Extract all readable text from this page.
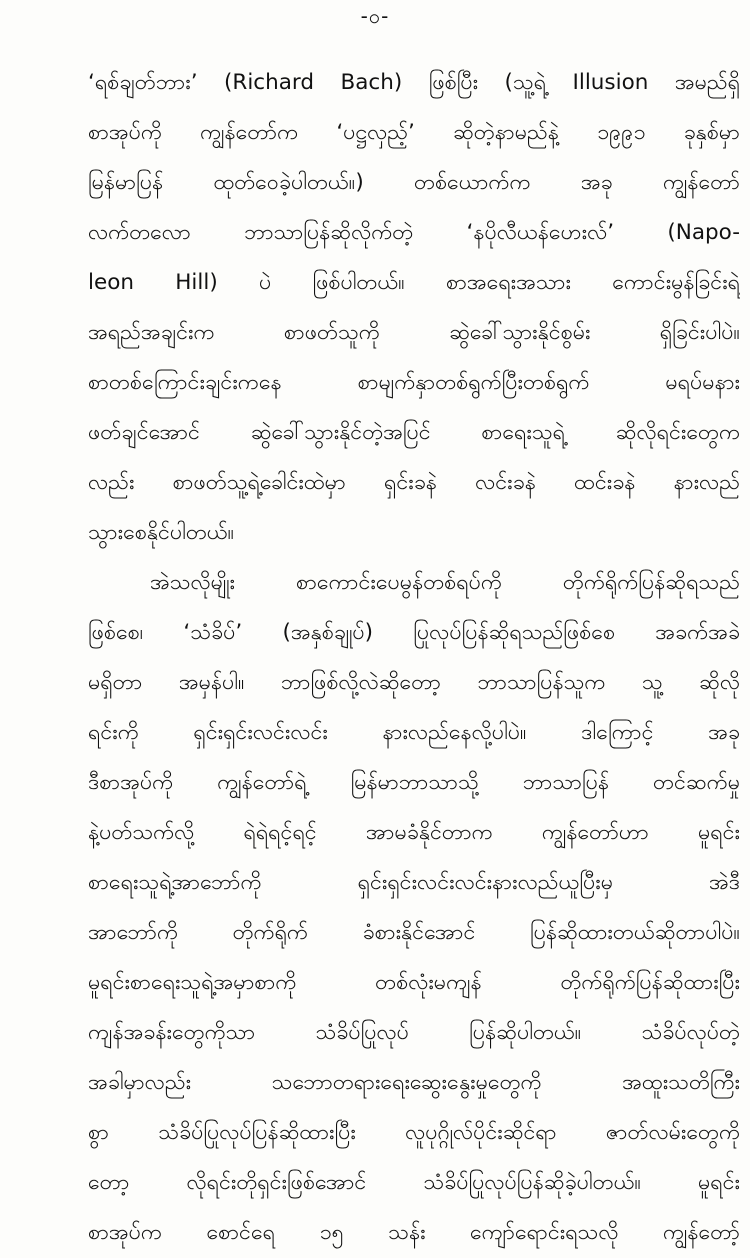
-၀-
‘ရစ်ချတ်ဘား’ (Richard Bach) ဖြစ်ပြီး (သူ့ရဲ့ Illusion အမည်ရှိ
စာအုပ်ကို ကျွန်တော်က ‘ပဋ္ဌလှည့်’ ဆိုတဲ့နာမည်နဲ့ ၁၉၉၁ ခုနှစ်မှာ
မြန်မာပြန် ထုတ်ဝေခဲ့ပါတယ်။) တစ်ယောက်က အခု ကျွန်တော်
လက်တလော ဘာသာပြန်ဆိုလိုက်တဲ့ ‘နပိုလီယန်ဟေးလ်’ (Napo-
leon Hill) ပဲ ဖြစ်ပါတယ်။ စာအရေးအသား ကောင်းမွန်ခြင်းရဲ့
အရည်အချင်းက စာဖတ်သူကို ဆွဲခေါ်သွားနိုင်စွမ်း ရှိခြင်းပါပဲ။
စာတစ်ကြောင်းချင်းကနေ စာမျက်နှာတစ်ရွက်ပြီးတစ်ရွက် မရပ်မနား
ဖတ်ချင်အောင် ဆွဲခေါ်သွားနိုင်တဲ့အပြင် စာရေးသူရဲ့ ဆိုလိုရင်းတွေက
လည်း စာဖတ်သူ့ရဲ့ခေါင်းထဲမှာ ရှင်းခနဲ လင်းခနဲ ထင်းခနဲ နားလည်
သွားစေနိုင်ပါတယ်။
အဲသလိုမျိုး စာကောင်းပေမွန်တစ်ရပ်ကို တိုက်ရိုက်ပြန်ဆိုရသည်
ဖြစ်စေ၊ ‘သံခိပ်’ (အနှစ်ချုပ်) ပြုလုပ်ပြန်ဆိုရသည်ဖြစ်စေ အခက်အခဲ
မရှိတာ အမှန်ပါ။ ဘာဖြစ်လို့လဲဆိုတော့ ဘာသာပြန်သူက သူ့ ဆိုလို
ရင်းကို ရှင်းရှင်းလင်းလင်း နားလည်နေလို့ပါပဲ။ ဒါကြောင့် အခု
ဒီစာအုပ်ကို ကျွန်တော်ရဲ့ မြန်မာဘာသာသို့ ဘာသာပြန် တင်ဆက်မှု
နဲ့ပတ်သက်လို့ ရဲရဲရင့်ရင့် အာမခံနိုင်တာက ကျွန်တော်ဟာ မူရင်း
စာရေးသူရဲ့အာဘော်ကို ရှင်းရှင်းလင်းလင်းနားလည်ယူပြီးမှ အဲဒီ
အာဘော်ကို တိုက်ရိုက် ခံစားနိုင်အောင် ပြန်ဆိုထားတယ်ဆိုတာပါပဲ။
မူရင်းစာရေးသူရဲ့အမှာစာကို တစ်လုံးမကျန် တိုက်ရိုက်ပြန်ဆိုထားပြီး
ကျန်အခန်းတွေကိုသာ သံခိပ်ပြုလုပ် ပြန်ဆိုပါတယ်။ သံခိပ်လုပ်တဲ့
အခါမှာလည်း သဘောတရားရေးဆွေးနွေးမှုတွေကို အထူးသတိကြီး
စွာ သံခိပ်ပြုလုပ်ပြန်ဆိုထားပြီး လူပုဂ္ဂိုလ်ပိုင်းဆိုင်ရာ ဇာတ်လမ်းတွေကို
တော့ လိုရင်းတိုရှင်းဖြစ်အောင် သံခိပ်ပြုလုပ်ပြန်ဆိုခဲ့ပါတယ်။ မူရင်း
စာအုပ်က စောင်ရေ ၁၅ သန်း ကျော်ရောင်းရသလို ကျွန်တော့်
